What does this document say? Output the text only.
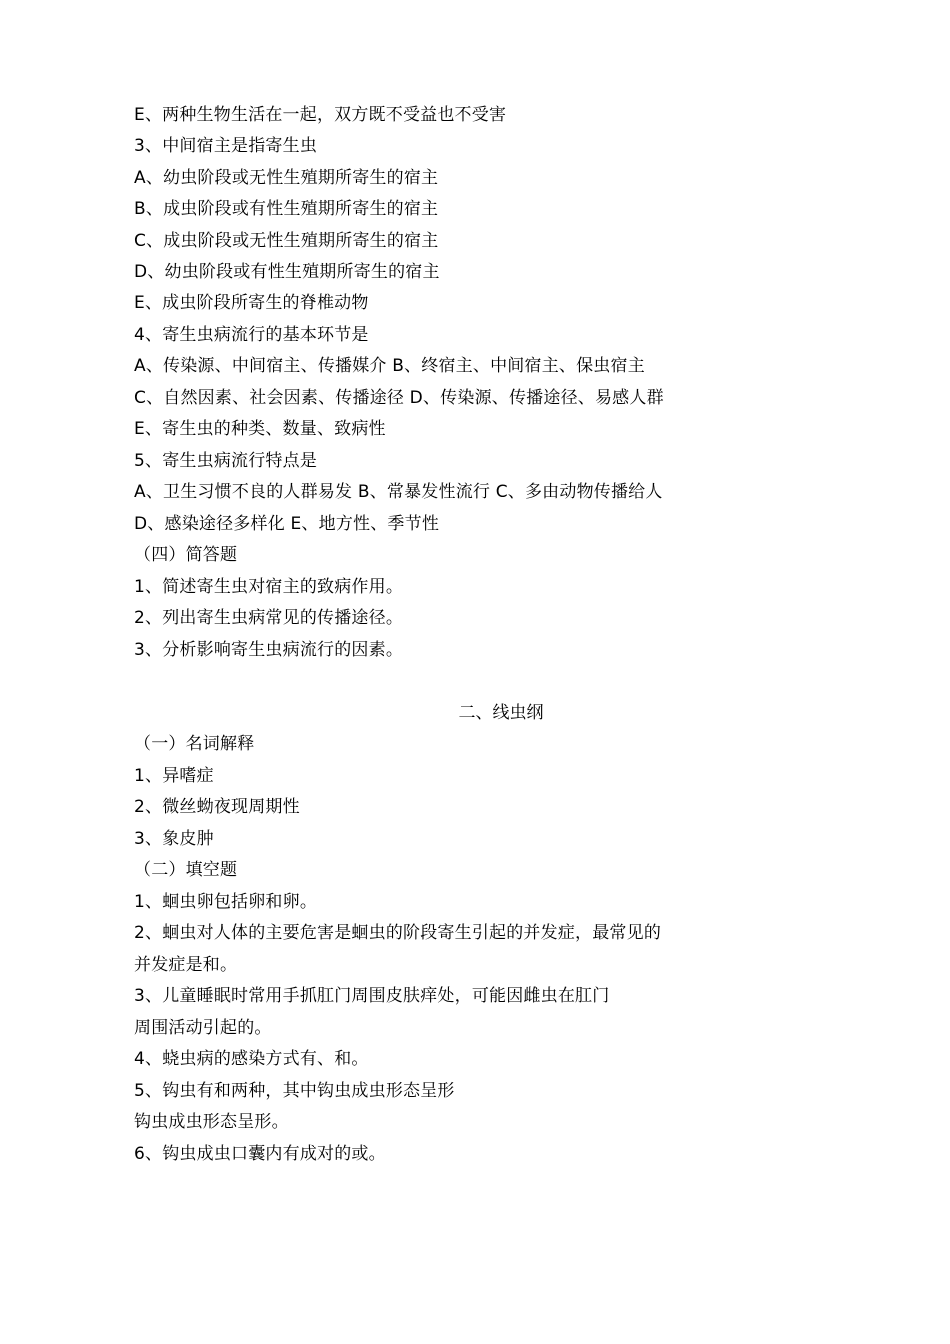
E、两种生物生活在一起，双方既不受益也不受害
3、中间宿主是指寄生虫
A、幼虫阶段或无性生殖期所寄生的宿主
B、成虫阶段或有性生殖期所寄生的宿主
C、成虫阶段或无性生殖期所寄生的宿主
D、幼虫阶段或有性生殖期所寄生的宿主
E、成虫阶段所寄生的脊椎动物
4、寄生虫病流行的基本环节是
A、传染源、中间宿主、传播媒介 B、终宿主、中间宿主、保虫宿主
C、自然因素、社会因素、传播途径 D、传染源、传播途径、易感人群
E、寄生虫的种类、数量、致病性
5、寄生虫病流行特点是
A、卫生习惯不良的人群易发 B、常暴发性流行 C、多由动物传播给人
D、感染途径多样化 E、地方性、季节性
（四）简答题
1、简述寄生虫对宿主的致病作用。
2、列出寄生虫病常见的传播途径。
3、分析影响寄生虫病流行的因素。
二、线虫纲
（一）名词解释
1、异嗜症
2、微丝蚴夜现周期性
3、象皮肿
（二）填空题
1、蛔虫卵包括卵和卵。
2、蛔虫对人体的主要危害是蛔虫的阶段寄生引起的并发症，最常见的
并发症是和。
3、儿童睡眠时常用手抓肛门周围皮肤痒处，可能因雌虫在肛门
周围活动引起的。
4、蛲虫病的感染方式有、和。
5、钩虫有和两种，其中钩虫成虫形态呈形
钩虫成虫形态呈形。
6、钩虫成虫口囊内有成对的或。
